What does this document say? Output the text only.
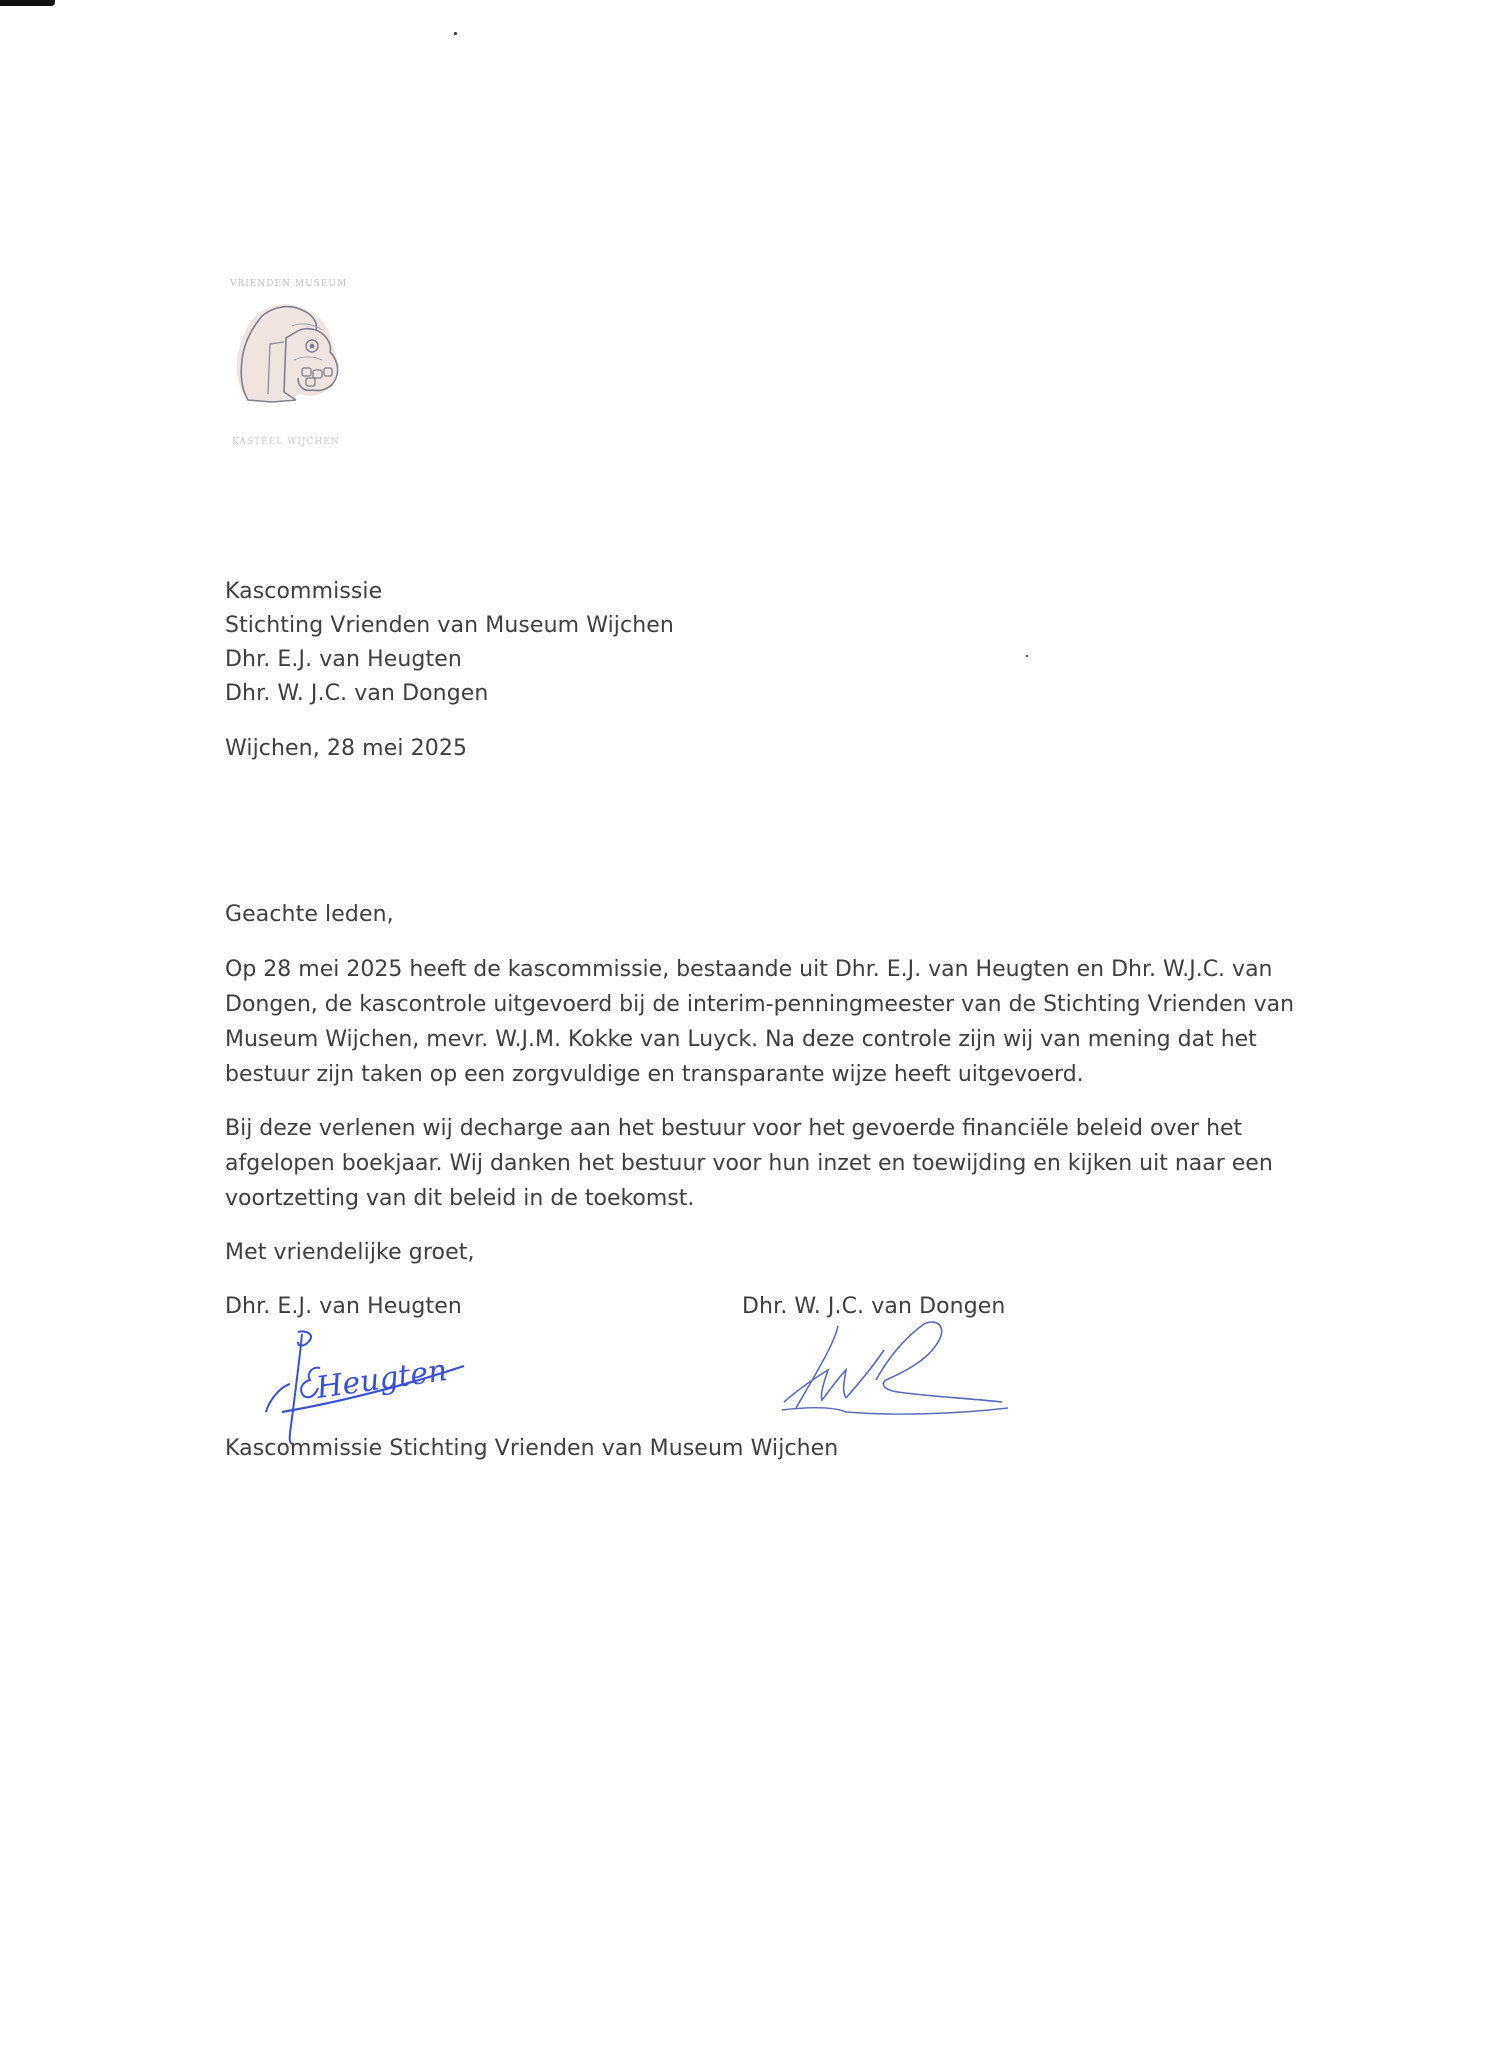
VRIENDEN MUSEUM
KASTEEL WIJCHEN
Kascommissie
Stichting Vrienden van Museum Wijchen
Dhr. E.J. van Heugten
Dhr. W. J.C. van Dongen
Wijchen, 28 mei 2025
Geachte leden,
Op 28 mei 2025 heeft de kascommissie, bestaande uit Dhr. E.J. van Heugten en Dhr. W.J.C. van
Dongen, de kascontrole uitgevoerd bij de interim-penningmeester van de Stichting Vrienden van
Museum Wijchen, mevr. W.J.M. Kokke van Luyck. Na deze controle zijn wij van mening dat het
bestuur zijn taken op een zorgvuldige en transparante wijze heeft uitgevoerd.
Bij deze verlenen wij decharge aan het bestuur voor het gevoerde financiële beleid over het
afgelopen boekjaar. Wij danken het bestuur voor hun inzet en toewijding en kijken uit naar een
voortzetting van dit beleid in de toekomst.
Met vriendelijke groet,
Dhr. E.J. van Heugten	Dhr. W. J.C. van Dongen
Heugten
Kascommissie Stichting Vrienden van Museum Wijchen
